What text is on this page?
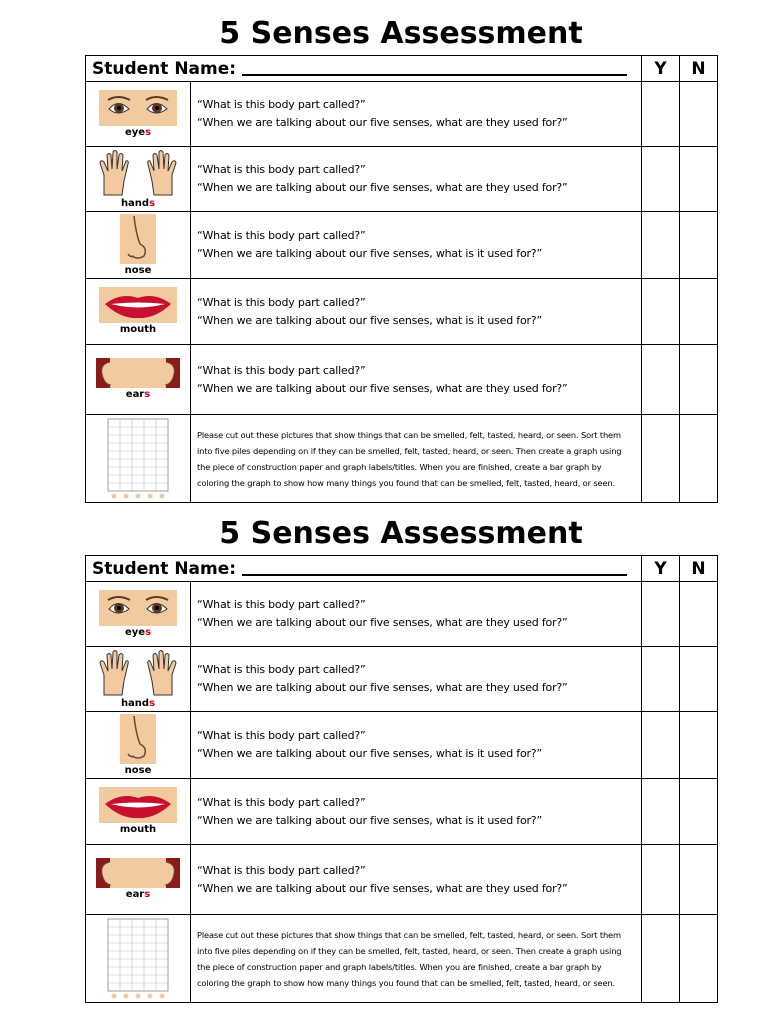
5 Senses Assessment
Student Name:		Y	N

eyes	“What is this body part called?”
“When we are talking about our five senses, what are they used for?”		

hands	“What is this body part called?”
“When we are talking about our five senses, what are they used for?”		

nose	“What is this body part called?”
“When we are talking about our five senses, what is it used for?”		

mouth	“What is this body part called?”
“When we are talking about our five senses, what is it used for?”		

ears	“What is this body part called?”
“When we are talking about our five senses, what are they used for?”		

	Please cut out these pictures that show things that can be smelled, felt, tasted, heard, or seen. Sort them into five piles depending on if they can be smelled, felt, tasted, heard, or seen. Then create a graph using the piece of construction paper and graph labels/titles. When you are finished, create a bar graph by coloring the graph to show how many things you found that can be smelled, felt, tasted, heard, or seen.		
5 Senses Assessment
Student Name:		Y	N

eyes	“What is this body part called?”
“When we are talking about our five senses, what are they used for?”		

hands	“What is this body part called?”
“When we are talking about our five senses, what are they used for?”		

nose	“What is this body part called?”
“When we are talking about our five senses, what is it used for?”		

mouth	“What is this body part called?”
“When we are talking about our five senses, what is it used for?”		

ears	“What is this body part called?”
“When we are talking about our five senses, what are they used for?”		

	Please cut out these pictures that show things that can be smelled, felt, tasted, heard, or seen. Sort them into five piles depending on if they can be smelled, felt, tasted, heard, or seen. Then create a graph using the piece of construction paper and graph labels/titles. When you are finished, create a bar graph by coloring the graph to show how many things you found that can be smelled, felt, tasted, heard, or seen.		
